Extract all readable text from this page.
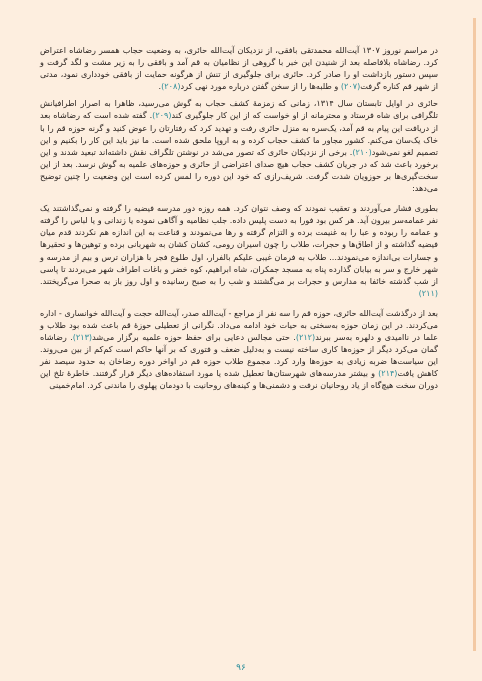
در مراسم نوروز ۱۳۰۷ آیت‌الله محمدتقی بافقی، از نزدیکان آیت‌الله حائری، به وضعیت حجاب همسر رضاشاه اعتراض کرد. رضاشاه بلافاصله بعد از شنیدن این خبر با گروهی از نظامیان به قم آمد و بافقی را به زیر مشت و لگد گرفت و سپس دستور بازداشت او را صادر کرد. حائری برای جلوگیری از تنش از هرگونه حمایت از بافقی خودداری نمود، مدتی از شهر قم کناره گرفت(۲۰۷) و طلبه‌ها را از سخن گفتن درباره مورد نهی کرد(۲۰۸).

حائری در اوایل تابستان سال ۱۳۱۴، زمانی که زمزمهٔ کشف حجاب به گوش می‌رسید، ظاهرا به اصرار اطرافیانش تلگرافی برای شاه فرستاد و محترمانه از او خواست که از این کار جلوگیری کند(۲۰۹). گفته شده است که رضاشاه بعد از دریافت این پیام به قم آمد، یک‌سره به منزل حائری رفت و تهدید کرد که رفتارتان را عوض کنید و گرنه حوزه قم را با خاک یک‌سان می‌کنم. کشور مجاور ما کشف حجاب کرده و به اروپا ملحق شده است. ما نیز باید این کار را بکنیم و این تصمیم لغو نمی‌شود(۲۱۰). برخی از نزدیکان حائری که تصور می‌شد در نوشتن تلگراف نقش داشته‌اند تبعید شدند و این برخورد باعث شد که در جریان کشف حجاب هیچ صدای اعتراضی از حائری و حوزه‌های علمیه به گوش نرسد. بعد از این سخت‌گیری‌ها بر حوزویان شدت گرفت. شریف‌رازی که خود این دوره را لمس کرده است این وضعیت را چنین توضیح می‌دهد:

بطوری فشار می‌آوردند و تعقیب نمودند که وصف نتوان کرد. همه روزه دور مدرسه فیضیه را گرفته و نمی‌گذاشتند یک نفر عمامه‌سر بیرون آید. هر کس بود فورا به دست پلیس داده. جلب نظامیه و آگاهی نموده یا زندانی و یا لباس را گرفته و عمامه را ربوده و عبا را به غنیمت برده و التزام گرفته و رها می‌نمودند و قناعت به این اندازه هم نکردند قدم میان فیضیه گذاشته و از اطاق‌ها و حجرات، طلاب را چون اسیران رومی، کشان کشان به شهربانی برده و توهین‌ها و تحقیرها و جسارات بی‌اندازه می‌نمودند... طلاب به فرمان غیبی علیکم بالفرار، اول طلوع فجر با هزاران ترس و بیم از مدرسه و شهر خارج و سر به بیابان گذارده پناه به مسجد جمکران، شاه ابراهیم، کوه خضر و باغات اطراف شهر می‌بردند تا پاسی از شب گذشته خائفا به مدارس و حجرات بر می‌گشتند و شب را به صبح رسانیده و اول روز باز به صحرا می‌گریختند. (۲۱۱)

بعد از درگذشت آیت‌الله حائری، حوزه قم را سه نفر از مراجع - آیت‌الله صدر، آیت‌الله حجت و آیت‌الله خوانساری - اداره می‌کردند. در این زمان حوزه به‌سختی به حیات خود ادامه می‌داد. نگرانی از تعطیلی حوزهٔ قم باعث شده بود طلاب و علما در ناامیدی و دلهره به‌سر ببرند(۲۱۲). حتی مجالس دعایی برای حفظ حوزه علمیه برگزار می‌شد(۲۱۳). رضاشاه گمان می‌کرد دیگر از حوزه‌ها کاری ساخته نیست و به‌دلیل ضعف و فتوری که بر آنها حاکم است کم‌کم از بین می‌روند. این سیاست‌ها ضربه زیادی به حوزه‌ها وارد کرد. مجموع طلاب حوزه قم در اواخر دوره رضاخان به حدود سیصد نفر کاهش یافت(۲۱۴) و بیشتر مدرسه‌های شهرستان‌ها تعطیل شده یا مورد استفاده‌های دیگر قرار گرفتند. خاطرهٔ تلخ این دوران سخت هیچ‌گاه از یاد روحانیان نرفت و دشمنی‌ها و کینه‌های روحانیت با دودمان پهلوی را ماندنی کرد. امام‌خمینی

۹۶
